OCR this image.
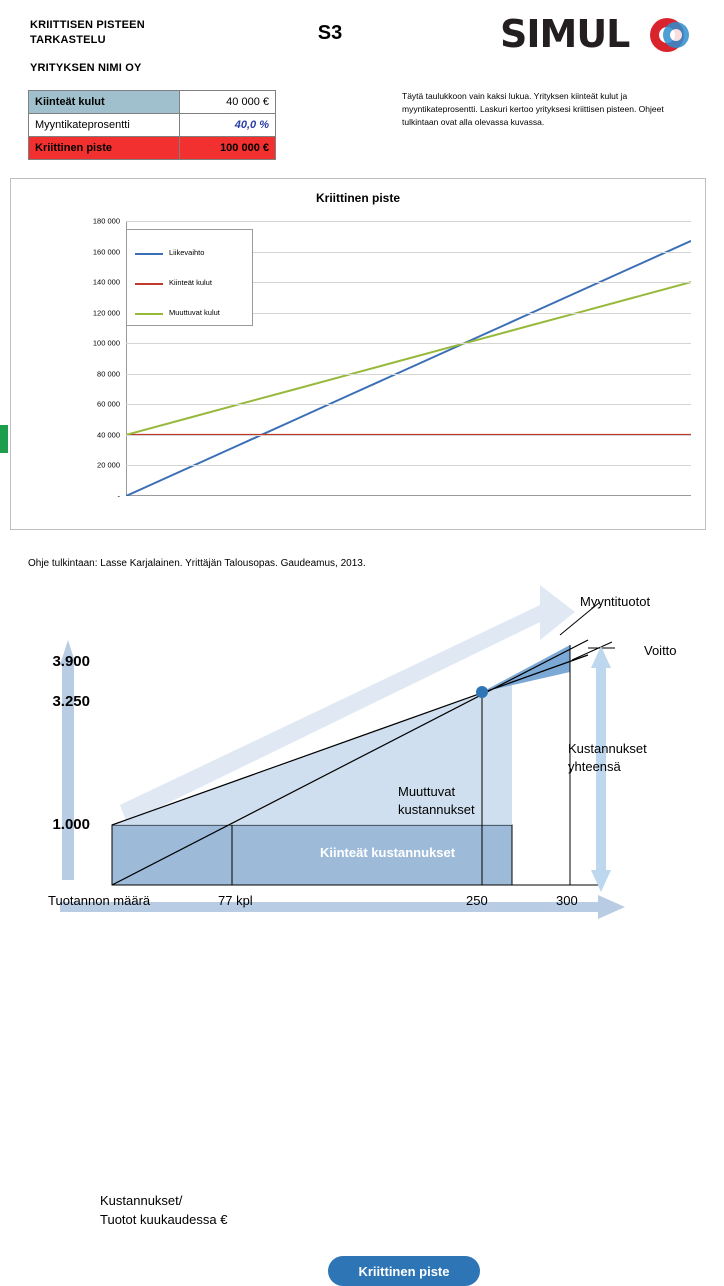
KRIITTISEN PISTEEN
TARKASTELU
YRITYKSEN NIMI OY
S3	SIMUL
Kiinteät kulut	40 000 €
Myyntikateprosentti	40,0 %
Kriittinen piste	100 000 €
Täytä taulukkoon vain kaksi lukua. Yrityksen kiinteät kulut ja myyntikateprosentti. Laskuri kertoo yrityksesi kriittisen pisteen. Ohjeet tulkintaan ovat alla olevassa kuvassa.
Kriittinen piste
-
20 000
40 000
60 000
80 000
100 000
120 000
140 000
160 000
180 000
Liikevaihto
Kiinteät kulut
Muuttuvat kulut
Ohje tulkintaan: Lasse Karjalainen. Yrittäjän Talousopas. Gaudeamus, 2013.
Kustannukset/
Tuotot kuukaudessa €
3.900
3.250
1.000
Tuotannon määrä	77 kpl	250	300
Kriittinen piste
Myyntituotot
Voitto
Kustannukset
yhteensä
Muuttuvat
kustannukset
Kiinteät kustannukset
